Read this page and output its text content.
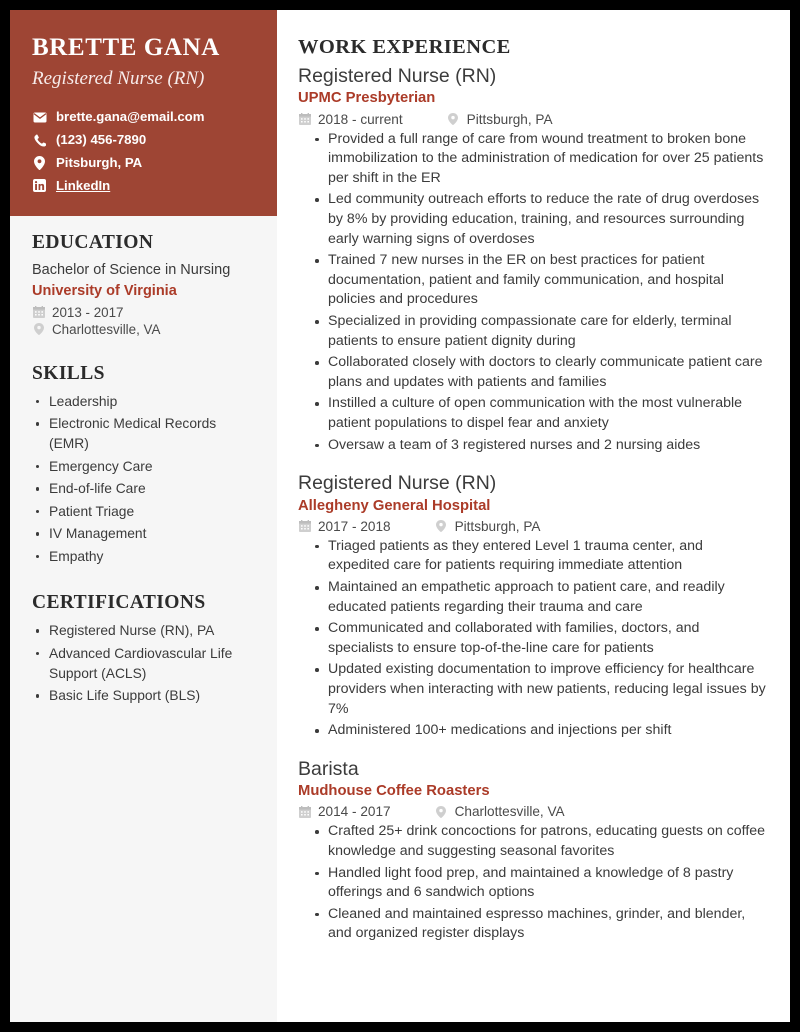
BRETTE GANA
Registered Nurse (RN)
brette.gana@email.com
(123) 456-7890
Pitsburgh, PA
LinkedIn
EDUCATION
Bachelor of Science in Nursing
University of Virginia
2013 - 2017
Charlottesville, VA
SKILLS
Leadership
Electronic Medical Records (EMR)
Emergency Care
End-of-life Care
Patient Triage
IV Management
Empathy
CERTIFICATIONS
Registered Nurse (RN), PA
Advanced Cardiovascular Life Support (ACLS)
Basic Life Support (BLS)
WORK EXPERIENCE
Registered Nurse (RN)
UPMC Presbyterian
2018 - current	Pittsburgh, PA
Provided a full range of care from wound treatment to broken bone immobilization to the administration of medication for over 25 patients per shift in the ER
Led community outreach efforts to reduce the rate of drug overdoses by 8% by providing education, training, and resources surrounding early warning signs of overdoses
Trained 7 new nurses in the ER on best practices for patient documentation, patient and family communication, and hospital policies and procedures
Specialized in providing compassionate care for elderly, terminal patients to ensure patient dignity during
Collaborated closely with doctors to clearly communicate patient care plans and updates with patients and families
Instilled a culture of open communication with the most vulnerable patient populations to dispel fear and anxiety
Oversaw a team of 3 registered nurses and 2 nursing aides
Registered Nurse (RN)
Allegheny General Hospital
2017 - 2018	Pittsburgh, PA
Triaged patients as they entered Level 1 trauma center, and expedited care for patients requiring immediate attention
Maintained an empathetic approach to patient care, and readily educated patients regarding their trauma and care
Communicated and collaborated with families, doctors, and specialists to ensure top-of-the-line care for patients
Updated existing documentation to improve efficiency for healthcare providers when interacting with new patients, reducing legal issues by 7%
Administered 100+ medications and injections per shift
Barista
Mudhouse Coffee Roasters
2014 - 2017	Charlottesville, VA
Crafted 25+ drink concoctions for patrons, educating guests on coffee knowledge and suggesting seasonal favorites
Handled light food prep, and maintained a knowledge of 8 pastry offerings and 6 sandwich options
Cleaned and maintained espresso machines, grinder, and blender, and organized register displays
